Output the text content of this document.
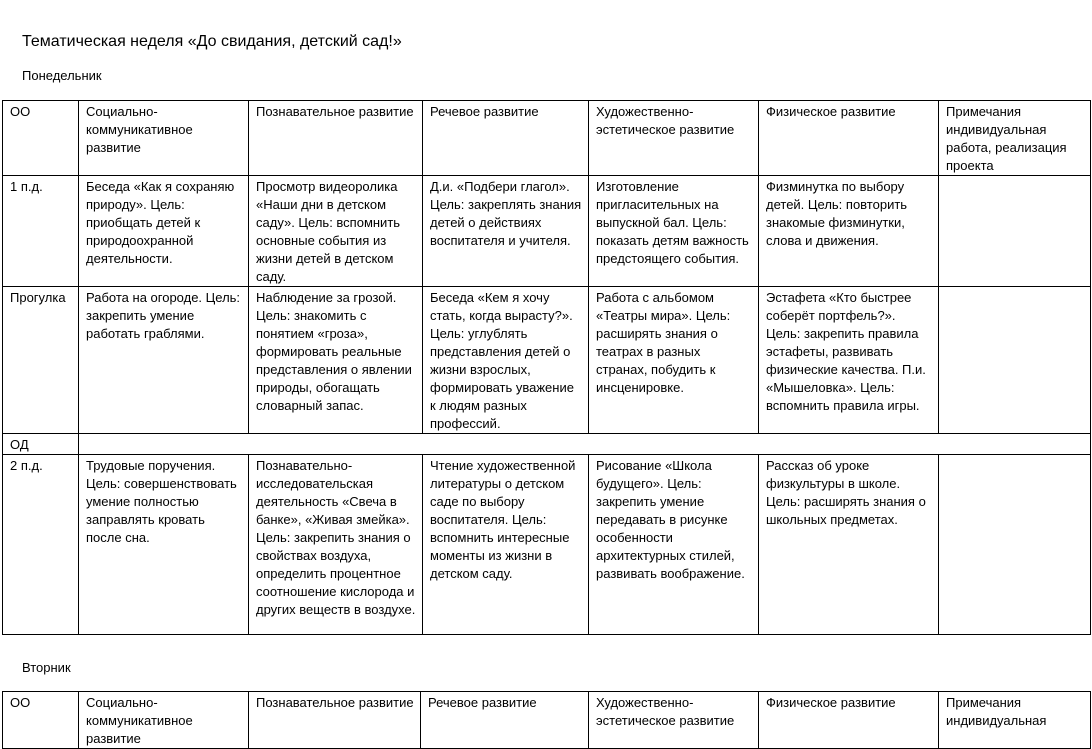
Тематическая неделя «До свидания, детский сад!»
Понедельник
ОО	Социально-коммуникативное развитие	Познавательное развитие	Речевое развитие	Художественно-эстетическое развитие	Физическое развитие	Примечания индивидуальная работа, реализация проекта
1 п.д.	Беседа «Как я сохраняю природу». Цель: приобщать детей к природоохранной деятельности.	Просмотр видеоролика «Наши дни в детском саду». Цель: вспомнить основные события из жизни детей в детском саду.	Д.и. «Подбери глагол». Цель: закреплять знания детей о действиях воспитателя и учителя.	Изготовление пригласительных на выпускной бал. Цель: показать детям важность предстоящего события.	Физминутка по выбору детей. Цель: повторить знакомые физминутки, слова и движения.	
Прогулка	Работа на огороде. Цель: закрепить умение работать граблями.	Наблюдение за грозой. Цель: знакомить с понятием «гроза», формировать реальные представления о явлении природы, обогащать словарный запас.	Беседа «Кем я хочу стать, когда вырасту?». Цель: углублять представления детей о жизни взрослых, формировать уважение к людям разных профессий.	Работа с альбомом «Театры мира». Цель: расширять знания о театрах в разных странах, побудить к инсценировке.	Эстафета «Кто быстрее соберёт портфель?». Цель: закрепить правила эстафеты, развивать физические качества. П.и. «Мышеловка». Цель: вспомнить правила игры.	
ОД						
2 п.д.	Трудовые поручения. Цель: совершенствовать умение полностью заправлять кровать после сна.	Познавательно-исследовательская деятельность «Свеча в банке», «Живая змейка». Цель: закрепить знания о свойствах воздуха, определить процентное соотношение кислорода и других веществ в воздухе.	Чтение художественной литературы о детском саде по выбору воспитателя. Цель: вспомнить интересные моменты из жизни в детском саду.	Рисование «Школа будущего». Цель: закрепить умение передавать в рисунке особенности архитектурных стилей, развивать воображение.	Рассказ об уроке физкультуры в школе. Цель: расширять знания о школьных предметах.	
Вторник
ОО	Социально-коммуникативное развитие	Познавательное развитие	Речевое развитие	Художественно-эстетическое развитие	Физическое развитие	Примечания индивидуальная
